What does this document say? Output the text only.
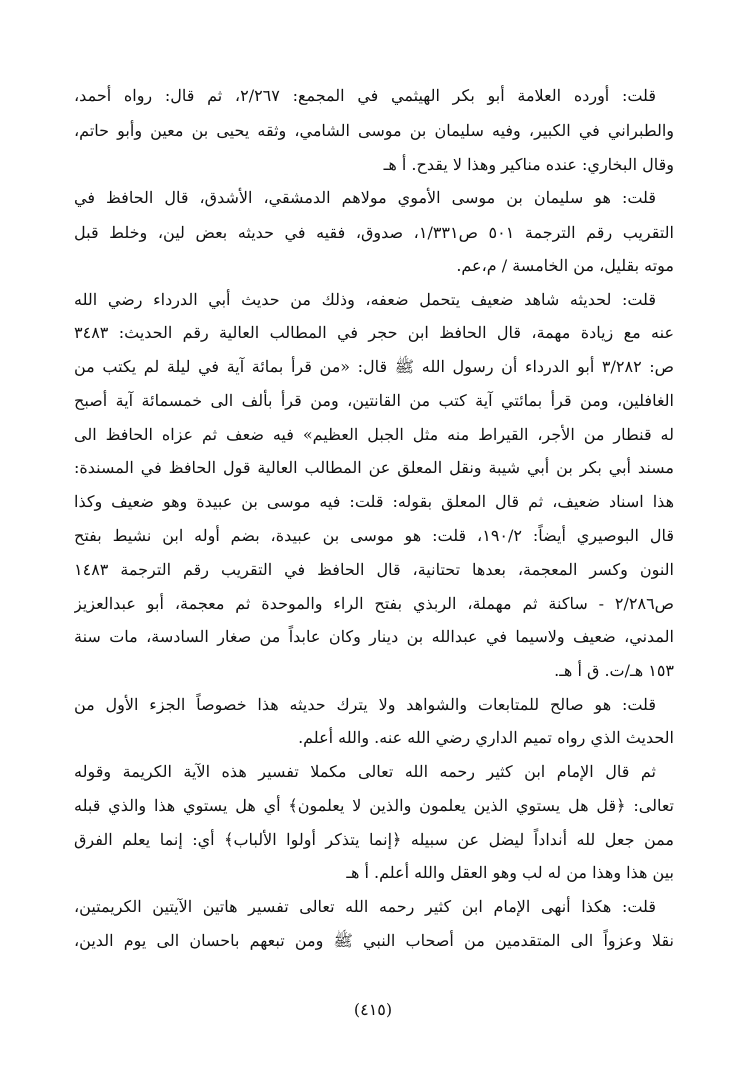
قلت: أورده العلامة أبو بكر الهيثمي في المجمع: ٢/٢٦٧، ثم قال: رواه أحمد،
والطبراني في الكبير، وفيه سليمان بن موسى الشامي، وثقه يحيى بن معين وأبو حاتم،
وقال البخاري: عنده مناكير وهذا لا يقدح. أ هـ
قلت: هو سليمان بن موسى الأموي مولاهم الدمشقي، الأشدق، قال الحافظ في
التقريب رقم الترجمة ٥٠١ ص١/٣٣١، صدوق، فقيه في حديثه بعض لين، وخلط قبل
موته بقليل، من الخامسة / م،عم.
قلت: لحديثه شاهد ضعيف يتحمل ضعفه، وذلك من حديث أبي الدرداء رضي الله
عنه مع زيادة مهمة، قال الحافظ ابن حجر في المطالب العالية رقم الحديث: ٣٤٨٣
ص: ٣/٢٨٢ أبو الدرداء أن رسول الله ﷺ قال: «من قرأ بمائة آية في ليلة لم يكتب من
الغافلين، ومن قرأ بمائتي آية كتب من القانتين، ومن قرأ بألف الى خمسمائة آية أصبح
له قنطار من الأجر، القيراط منه مثل الجبل العظيم» فيه ضعف ثم عزاه الحافظ الى
مسند أبي بكر بن أبي شيبة ونقل المعلق عن المطالب العالية قول الحافظ في المسندة:
هذا اسناد ضعيف، ثم قال المعلق بقوله: قلت: فيه موسى بن عبيدة وهو ضعيف وكذا
قال البوصيري أيضاً: ١٩٠/٢، قلت: هو موسى بن عبيدة، بضم أوله ابن نشيط بفتح
النون وكسر المعجمة، بعدها تحتانية، قال الحافظ في التقريب رقم الترجمة ١٤٨٣
ص٢/٢٨٦ - ساكنة ثم مهملة، الربذي بفتح الراء والموحدة ثم معجمة، أبو عبدالعزيز
المدني، ضعيف ولاسيما في عبدالله بن دينار وكان عابداً من صغار السادسة، مات سنة
١٥٣ هـ/ت. ق أ هـ.
قلت: هو صالح للمتابعات والشواهد ولا يترك حديثه هذا خصوصاً الجزء الأول من
الحديث الذي رواه تميم الداري رضي الله عنه. والله أعلم.
ثم قال الإمام ابن كثير رحمه الله تعالى مكملا تفسير هذه الآية الكريمة وقوله
تعالى: ﴿قل هل يستوي الذين يعلمون والذين لا يعلمون﴾ أي هل يستوي هذا والذي قبله
ممن جعل لله أنداداً ليضل عن سبيله ﴿إنما يتذكر أولوا الألباب﴾ أي: إنما يعلم الفرق
بين هذا وهذا من له لب وهو العقل والله أعلم. أ هـ
قلت: هكذا أنهى الإمام ابن كثير رحمه الله تعالى تفسير هاتين الآيتين الكريمتين،
نقلا وعزواً الى المتقدمين من أصحاب النبي ﷺ ومن تبعهم باحسان الى يوم الدين،
(٤١٥)
